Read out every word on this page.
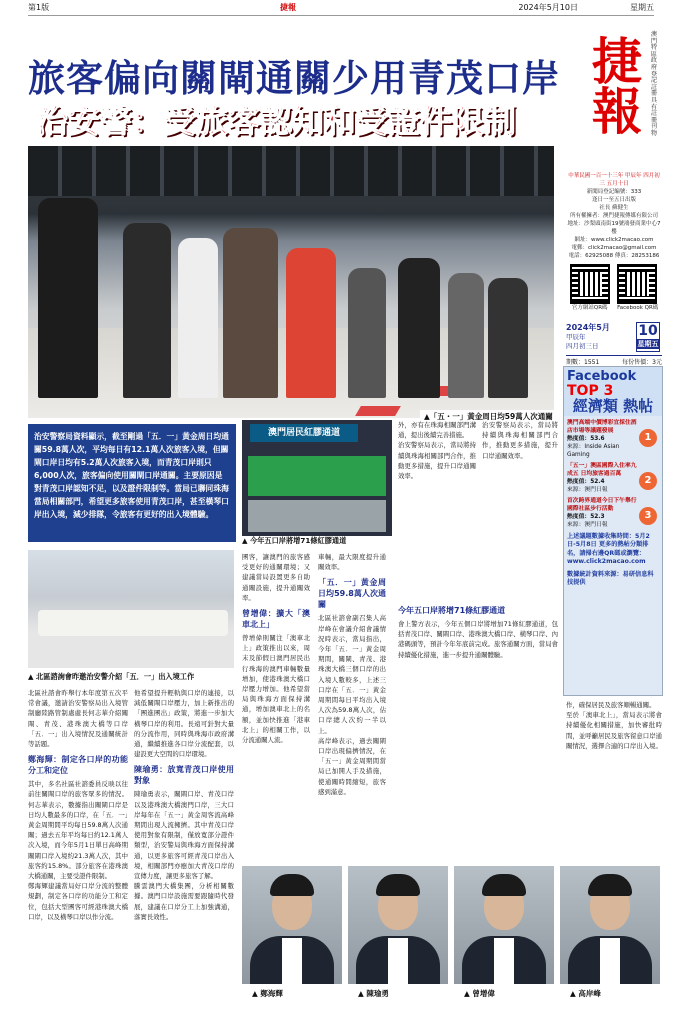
第1版	捷報	2024年5月10日	星期五
旅客偏向關閘通關少用青茂口岸
治安警：受旅客認知和受證件限制
▲「五・一」黃金周日均59萬人次通關
捷報
澳門特區政府登記註冊具有註冊刊物
中華民國一百一十三年 甲辰年 四月初三 五月十日
新聞局登記編號：333
逢日一至五日出版
社長 蘇健生
所有權擁者：澳門捷報傳媒有限公司
地址：沙梨頭南街19號鴻發商業中心7樓
網址：www.click2macao.com
電郵：click2macao@gmail.com
電話：62925088 傳真：28253186
官方網站QR碼	Facebook QR碼
2024年5月
甲辰年
四月初三日
10
星期五
期數：1551	每份售價：3元
Facebook TOP 3
經濟類 熱帖
澳門高端中價博彩宜採住酒店市場等議題發展
熱度值：53.6
來源：Inside Asian Gaming
1
「五一」澳區國際入住率九成五 日均旅客過百萬
熱度值：52.4
來源：澳門日報
2
首次跨界通道今日下午舉行國際社區步行活動
熱度值：52.3
來源：澳門日報
3
上述議題數據收集時間：5月2日-5月8日 更多的熱帖分類排名，請掃右邊QR碼或瀏覽：www.click2macao.com
數據統計資料來源：易研信息科技提供
治安警察局資料顯示，截至剛過「五．一」黃金周日均通關59.8萬人次，平均每日有12.1萬人次旅客入境，但關閘口岸日均有5.2萬人次旅客入境，而青茂口岸則只6,000人次，旅客偏向使用關閘口岸通關。主要原因是對青茂口岸認知不足，以及證件限制等。當局已聯同珠海當局相關部門，希望更多旅客使用青茂口岸，甚至橫琴口岸出入境，減少排隊，令旅客有更好的出入境體驗。
澳門居民紅膠通道
▲ 今年五口岸將增71條紅膠通道
▲ 北區諮詢會昨邀治安警介紹「五．一」出入境工作

北區社諮會昨舉行本年度第五次平常會議，邀請治安警察局出入境管制廳陸路管制處處長何志華介紹關閘、青茂、港珠澳大橋等口岸「五．一」出入境情況及通關統計等話題。

鄭海輝：制定各口岸的功能分工和定位

其中，多名社區社諮委員反映以往前往關閘口岸的旅客眾多的情況。何志華表示，數據指出關閘口岸是日均人數最多的口岸，在「五．一」黃金周期間平均每日59.8萬人次通關；過去五年平均每日約12.1萬人次入境，而今年5月1日單日高峰期關閘口岸入境約21.3萬人次，其中旅客約15.8%。部分旅客在港珠澳大橋通關，主要受證件限制。

鄭海輝建議當局好口岸分流的整體規劃，制定各口岸的功能分工和定位，包括大型團客可經港珠澳大橋口岸，以及橫琴口岸以作分流。

他希望提升輕軌與口岸的連接，以減低關閘口岸壓力，加上新推出的「團進團出」政策，將進一步加大橫琴口岸的利用。長遠可針對大量的分流作用，同時與珠海市政府溝通，繼續推進各口岸分流配套，以建設更大空間的口岸環境。

陳瑜勇：放寬青茂口岸使用對象

陳瑜勇表示，關閘口岸、青茂口岸以及港珠澳大橋澳門口岸，三大口岸每年在「五一」黃金周客流高峰期間出現人流擁擠。其中青茂口岸使用對象有限制，僅放寬部分證件類型，治安警局與珠海方面保持溝通，以更多旅客可經青茂口岸出入境，相關部門亦應加大青茂口岸的宣傳力度，讓更多旅客了解。

騰雲澳門大橋集團，分析相關數據。澳門口岸設施需要跟隨時代發展，建議在口岸分工上加強溝通，落實長效性。

團客，讓澳門的旅客感受更好的通關環境；又建議當局設置更多自助通關設施，提升通關效率。

曾增偉：擴大「澳車北上」

曾增偉則關注「澳車北上」政策推出以來，周末及節假日澳門居民出行珠海的澳門車輛數量增加，使港珠澳大橋口岸壓力增加。他希望當局與珠海方面保持溝通，增加澳車北上的名額，並加快推進「港車北上」的相關工作，以分流通關人流。

車輛，最大限度提升通關效率。

「五．一」黃金周日均59.8萬人次通關

北區社諮會副召集人高岸峰在會議介紹會議情況時表示，當局指出，今年「五．一」黃金周期間，關閘、青茂、港珠澳大橋三個口岸的出入境人數較多，上述三口岸在「五．一」黃金周期間每日平均出入境人次為59.8萬人次，佔口岸總人次約一半以上。

高岸峰表示，過去關閘口岸出現偏擠情況，在「五一」黃金周期間當局已加開人手及措施，使通關時間縮短，旅客感到滿意。

外，亦有在珠海相關部門溝通，提出後續完善措施。

治安警察局表示，當局將持續與珠海相關部門合作，推動更多措施，提升口岸通關效率。

治安警察局表示，當局將持續與珠海相關部門合作，推動更多措施，提升口岸通關效率。

今年五口岸將增71條紅膠通道

會上警方表示，今年五個口岸將增加71條紅膠通道，包括青茂口岸、關閘口岸、港珠澳大橋口岸、橫琴口岸、內港碼頭等，預計今年年底前完成。旅客通關方面，當局會持續優化措施，進一步提升通關體驗。

作，確保居民及旅客順暢通關。

至於「澳車北上」，當局表示將會持續優化相關措施，加快審批時間，並呼籲居民及旅客留意口岸通關情況，選擇合適的口岸出入境。

▲ 鄭海輝	▲ 陳瑜勇	▲ 曾增偉	▲ 高岸峰
